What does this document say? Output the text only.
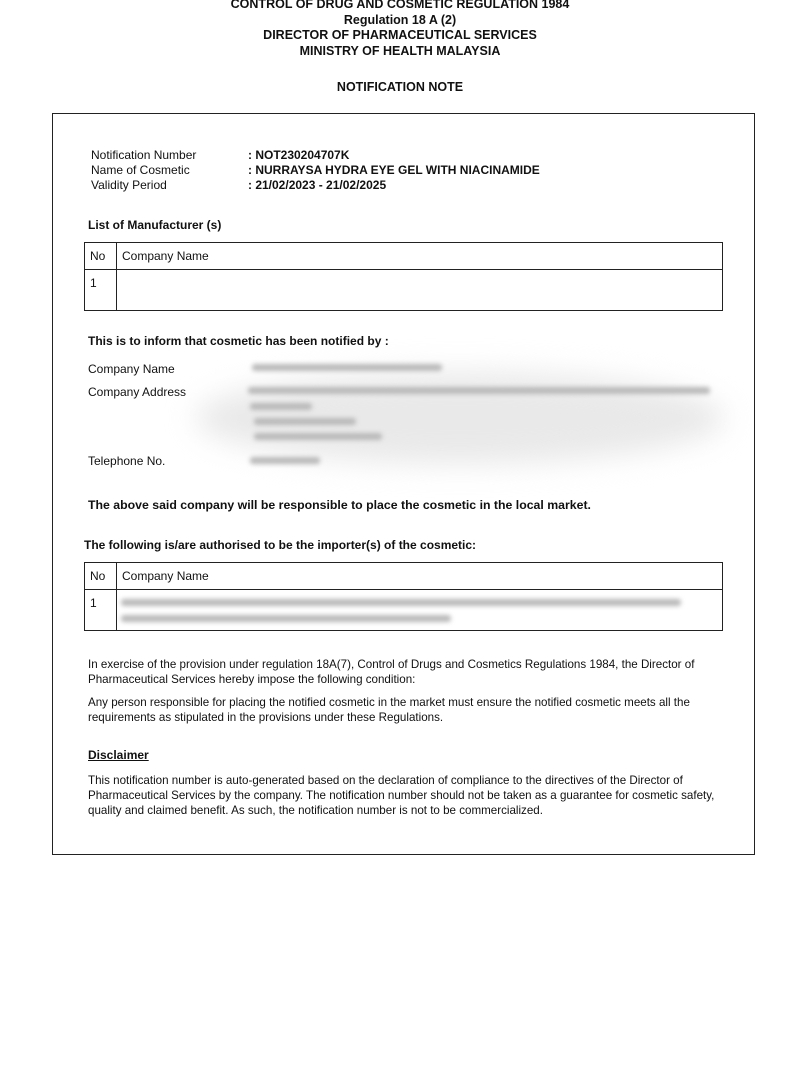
CONTROL OF DRUG AND COSMETIC REGULATION 1984
Regulation 18 A (2)
DIRECTOR OF PHARMACEUTICAL SERVICES
MINISTRY OF HEALTH MALAYSIA
NOTIFICATION NOTE
Notification Number	: NOT230204707K
Name of Cosmetic	: NURRAYSA HYDRA EYE GEL WITH NIACINAMIDE
Validity Period	: 21/02/2023 - 21/02/2025
List of Manufacturer (s)
No	Company Name
1	
This is to inform that cosmetic has been notified by :
Company Name
Company Address
Telephone No.
The above said company will be responsible to place the cosmetic in the local market.
The following is/are authorised to be the importer(s) of the cosmetic:
No	Company Name
1	
In exercise of the provision under regulation 18A(7), Control of Drugs and Cosmetics Regulations 1984, the Director of Pharmaceutical Services hereby impose the following condition:
Any person responsible for placing the notified cosmetic in the market must ensure the notified cosmetic meets all the requirements as stipulated in the provisions under these Regulations.
Disclaimer
This notification number is auto-generated based on the declaration of compliance to the directives of the Director of Pharmaceutical Services by the company. The notification number should not be taken as a guarantee for cosmetic safety, quality and claimed benefit. As such, the notification number is not to be commercialized.
